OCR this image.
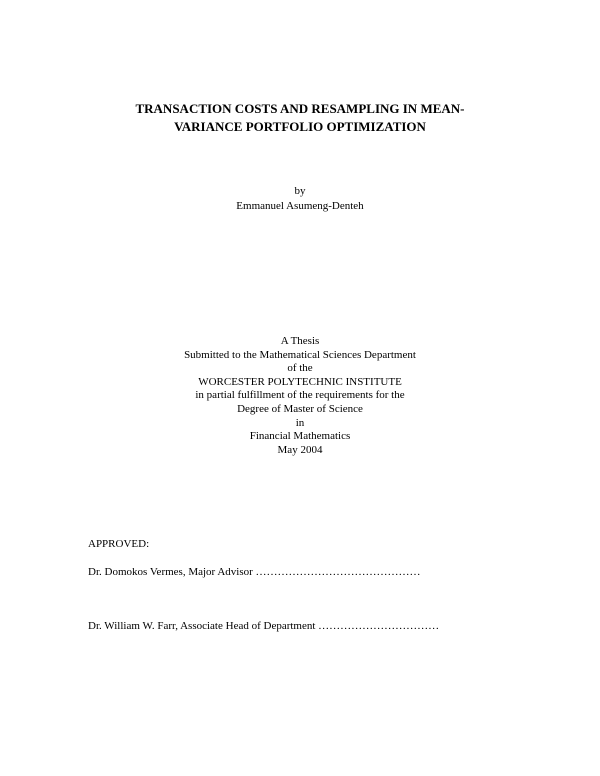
TRANSACTION COSTS AND RESAMPLING IN MEAN-
VARIANCE PORTFOLIO OPTIMIZATION
by
Emmanuel Asumeng-Denteh
A Thesis
Submitted to the Mathematical Sciences Department
of the
WORCESTER POLYTECHNIC INSTITUTE
in partial fulfillment of the requirements for the
Degree of Master of Science
in
Financial Mathematics
May 2004
APPROVED:
Dr. Domokos Vermes, Major Advisor ………………………………………
Dr. William W. Farr, Associate Head of Department ……………………………
